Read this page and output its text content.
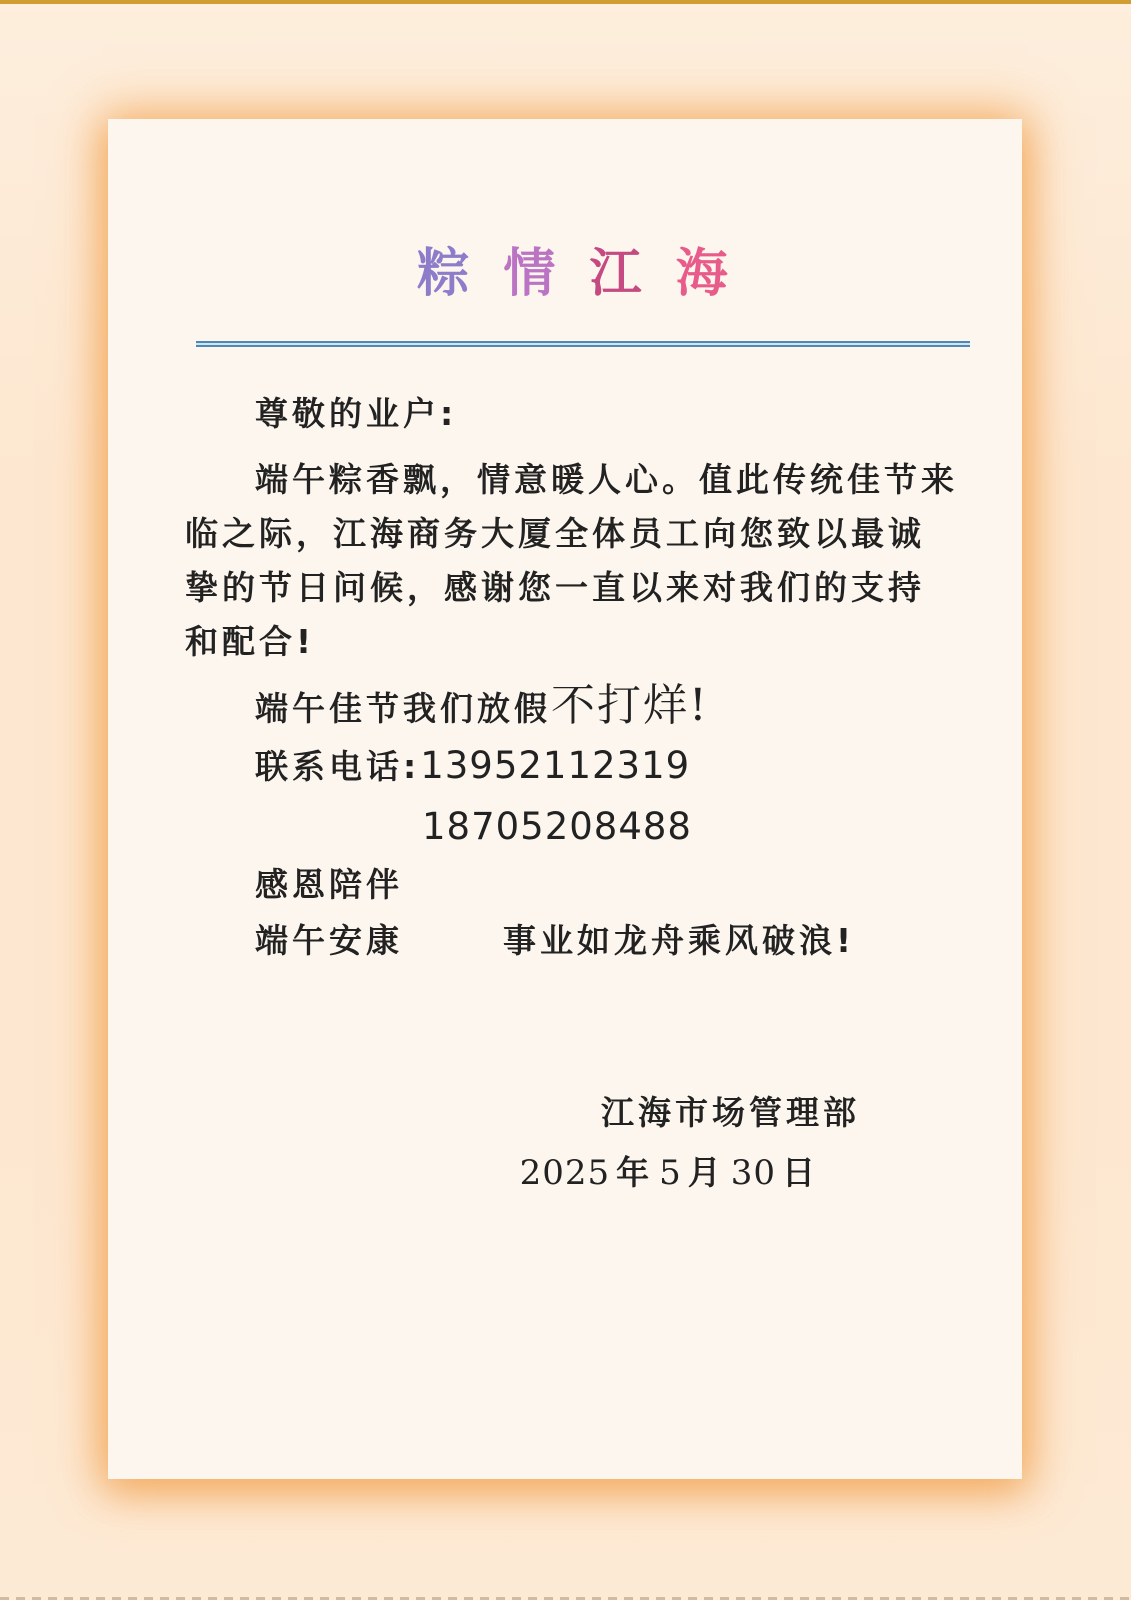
粽 情 江 海
尊敬的业户:
端午粽香飘，情意暖人心。值此传统佳节来
临之际，江海商务大厦全体员工向您致以最诚
挚的节日问候，感谢您一直以来对我们的支持
和配合!
端午佳节我们放假不打烊!
联系电话:13952112319
18705208488
感恩陪伴
端午安康	事业如龙舟乘风破浪!
江海市场管理部
2025 年 5 月 30 日
